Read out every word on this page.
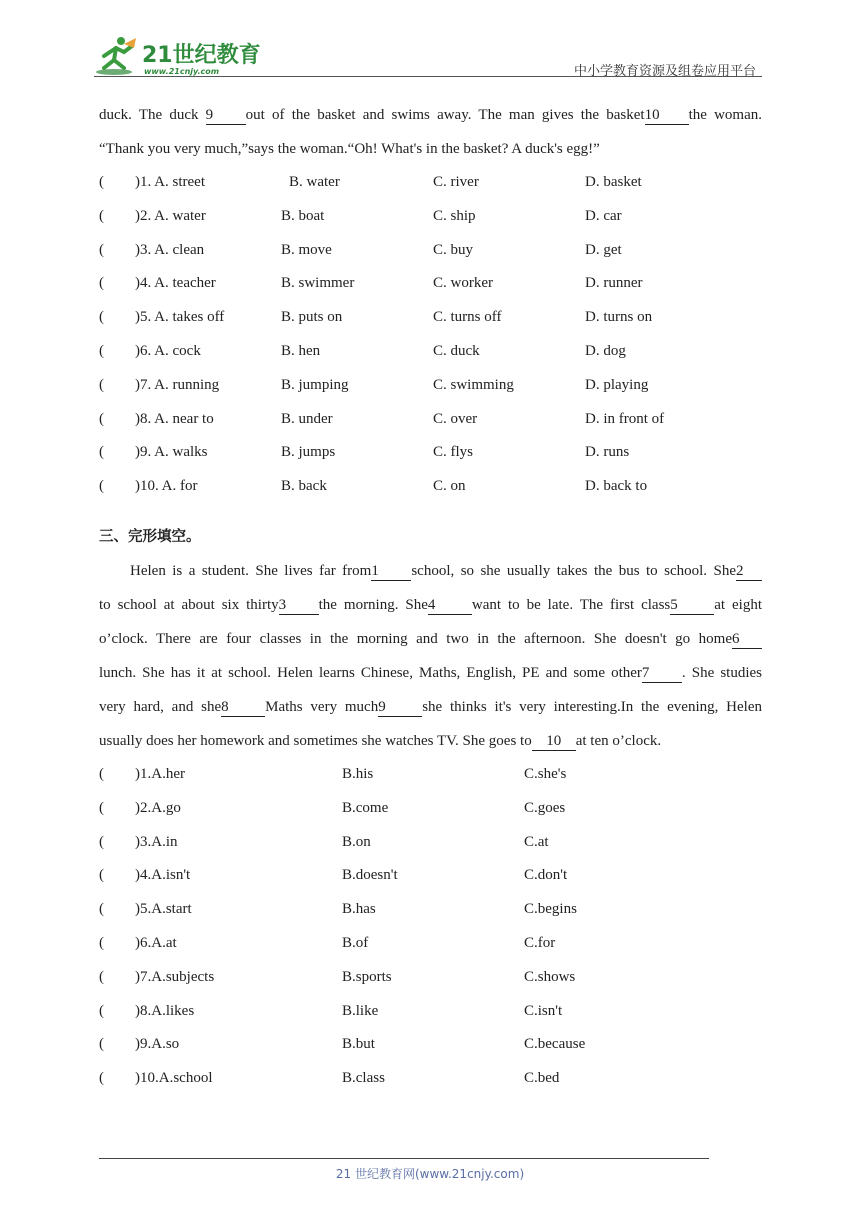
21世纪教育
www.21cnjy.com	中小学教育资源及组卷应用平台
duck. The duck 9 out of the basket and swims away. The man gives the basket10 the woman.
“Thank you very much,”says the woman.“Oh! What's in the basket? A duck's egg!”
( )1. A. street	B. water	C. river	D. basket
( )2. A. water	B. boat	C. ship	D. car
( )3. A. clean	B. move	C. buy	D. get
( )4. A. teacher	B. swimmer	C. worker	D. runner
( )5. A. takes off	B. puts on	C. turns off	D. turns on
( )6. A. cock	B. hen	C. duck	D. dog
( )7. A. running	B. jumping	C. swimming	D. playing
( )8. A. near to	B. under	C. over	D. in front of
( )9. A. walks	B. jumps	C. flys	D. runs
( )10. A. for	B. back	C. on	D. back to
三、完形填空。
Helen is a student. She lives far from1 school, so she usually takes the bus to school. She2
to school at about six thirty3 the morning. She4 want to be late. The first class5 at eight
o’clock. There are four classes in the morning and two in the afternoon. She doesn't go home6
lunch. She has it at school. Helen learns Chinese, Maths, English, PE and some other7 . She studies
very hard, and she8 Maths very much9 she thinks it's very interesting.In the evening, Helen
usually does her homework and sometimes she watches TV. She goes to 10 at ten o’clock.
( )1.A.her	B.his	C.she's
( )2.A.go	B.come	C.goes
( )3.A.in	B.on	C.at
( )4.A.isn't	B.doesn't	C.don't
( )5.A.start	B.has	C.begins
( )6.A.at	B.of	C.for
( )7.A.subjects	B.sports	C.shows
( )8.A.likes	B.like	C.isn't
( )9.A.so	B.but	C.because
( )10.A.school	B.class	C.bed
21 世纪教育网(www.21cnjy.com)
